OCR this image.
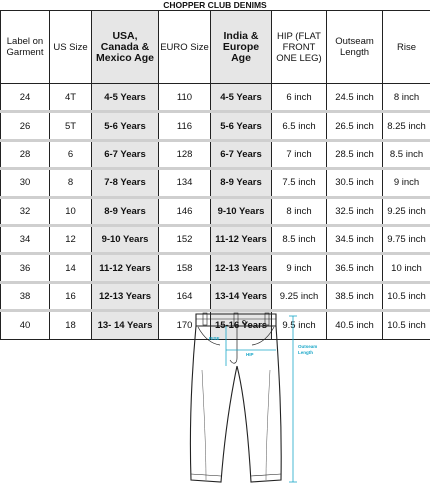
CHOPPER CLUB DENIMS
Label on Garment	US Size	USA, Canada & Mexico Age	EURO Size	India & Europe Age	HIP (FLAT FRONT ONE LEG)	Outseam Length	Rise
24	4T	4-5 Years	110	4-5 Years	6 inch	24.5 inch	8 inch
26	5T	5-6 Years	116	5-6 Years	6.5 inch	26.5 inch	8.25 inch
28	6	6-7 Years	128	6-7 Years	7 inch	28.5 inch	8.5 inch
30	8	7-8 Years	134	8-9 Years	7.5 inch	30.5 inch	9 inch
32	10	8-9 Years	146	9-10 Years	8 inch	32.5 inch	9.25 inch
34	12	9-10 Years	152	11-12 Years	8.5 inch	34.5 inch	9.75 inch
36	14	11-12 Years	158	12-13 Years	9 inch	36.5 inch	10 inch
38	16	12-13 Years	164	13-14 Years	9.25 inch	38.5 inch	10.5 inch
40	18	13- 14 Years	170	15-16 Years	9.5 inch	40.5 inch	10.5 inch
RISE
HIP
Outseam
Length
